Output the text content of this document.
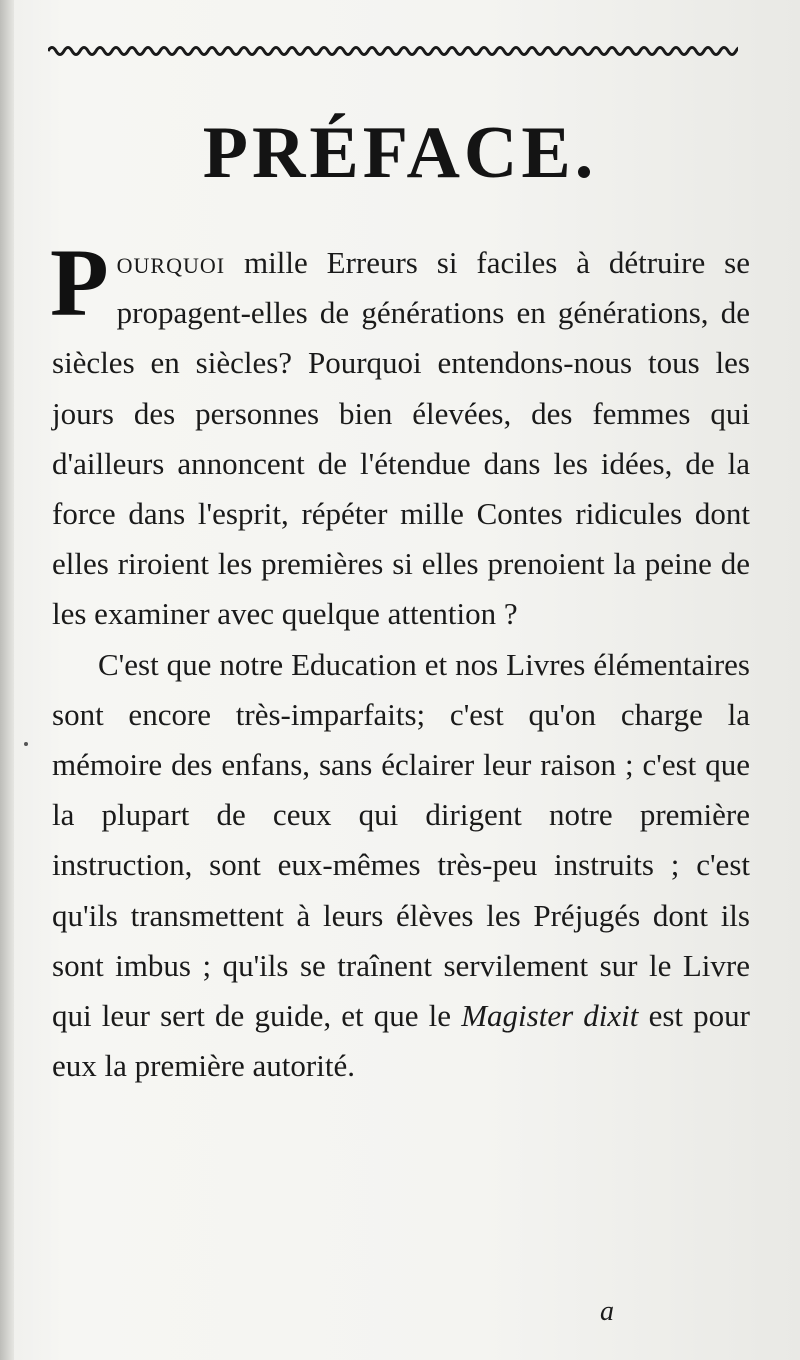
PRÉFACE.

Pourquoi mille Erreurs si faciles à détruire se propagent-elles de générations en générations, de siècles en siècles? Pourquoi entendons-nous tous les jours des personnes bien élevées, des femmes qui d'ailleurs annoncent de l'étendue dans les idées, de la force dans l'esprit, répéter mille Contes ridicules dont elles riroient les premières si elles prenoient la peine de les examiner avec quelque attention ?

C'est que notre Education et nos Livres élémentaires sont encore très-imparfaits; c'est qu'on charge la mémoire des enfans, sans éclairer leur raison ; c'est que la plupart de ceux qui dirigent notre première instruction, sont eux-mêmes très-peu instruits ; c'est qu'ils transmettent à leurs élèves les Préjugés dont ils sont imbus ; qu'ils se traînent servilement sur le Livre qui leur sert de guide, et que le Magister dixit est pour eux la première autorité.

a
